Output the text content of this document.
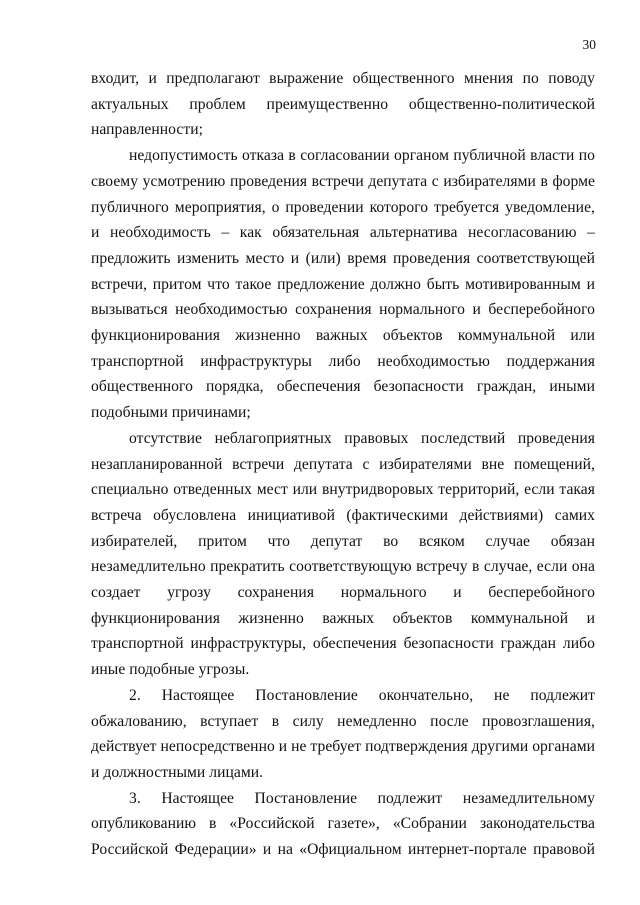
30

входит, и предполагают выражение общественного мнения по поводу актуальных проблем преимущественно общественно-политической направленности;

недопустимость отказа в согласовании органом публичной власти по своему усмотрению проведения встречи депутата с избирателями в форме публичного мероприятия, о проведении которого требуется уведомление, и необходимость – как обязательная альтернатива несогласованию – предложить изменить место и (или) время проведения соответствующей встречи, притом что такое предложение должно быть мотивированным и вызываться необходимостью сохранения нормального и бесперебойного функционирования жизненно важных объектов коммунальной или транспортной инфраструктуры либо необходимостью поддержания общественного порядка, обеспечения безопасности граждан, иными подобными причинами;

отсутствие неблагоприятных правовых последствий проведения незапланированной встречи депутата с избирателями вне помещений, специально отведенных мест или внутридворовых территорий, если такая встреча обусловлена инициативой (фактическими действиями) самих избирателей, притом что депутат во всяком случае обязан незамедлительно прекратить соответствующую встречу в случае, если она создает угрозу сохранения нормального и бесперебойного функционирования жизненно важных объектов коммунальной и транспортной инфраструктуры, обеспечения безопасности граждан либо иные подобные угрозы.

2. Настоящее Постановление окончательно, не подлежит обжалованию, вступает в силу немедленно после провозглашения, действует непосредственно и не требует подтверждения другими органами и должностными лицами.

3. Настоящее Постановление подлежит незамедлительному опубликованию в «Российской газете», «Собрании законодательства Российской Федерации» и на «Официальном интернет-портале правовой
